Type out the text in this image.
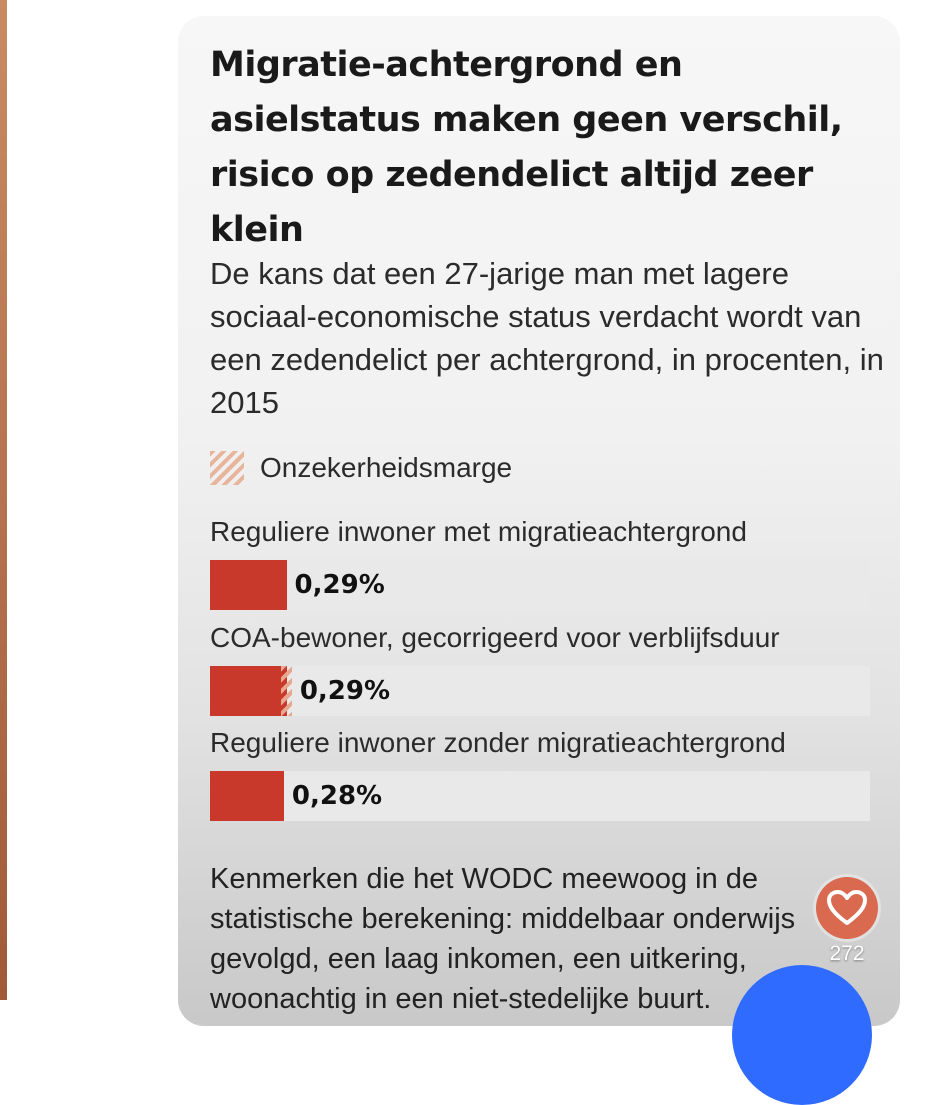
Migratie-achtergrond en asielstatus maken geen verschil, risico op zedendelict altijd zeer klein

De kans dat een 27-jarige man met lagere sociaal-economische status verdacht wordt van een zedendelict per achtergrond, in procenten, in 2015

Onzekerheidsmarge
Reguliere inwoner met migratieachtergrond
0,29%
COA-bewoner, gecorrigeerd voor verblijfsduur
0,29%
Reguliere inwoner zonder migratieachtergrond
0,28%

Kenmerken die het WODC meewoog in de statistische berekening: middelbaar onderwijs gevolgd, een laag inkomen, een uitkering, woonachtig in een niet-stedelijke buurt.

272
